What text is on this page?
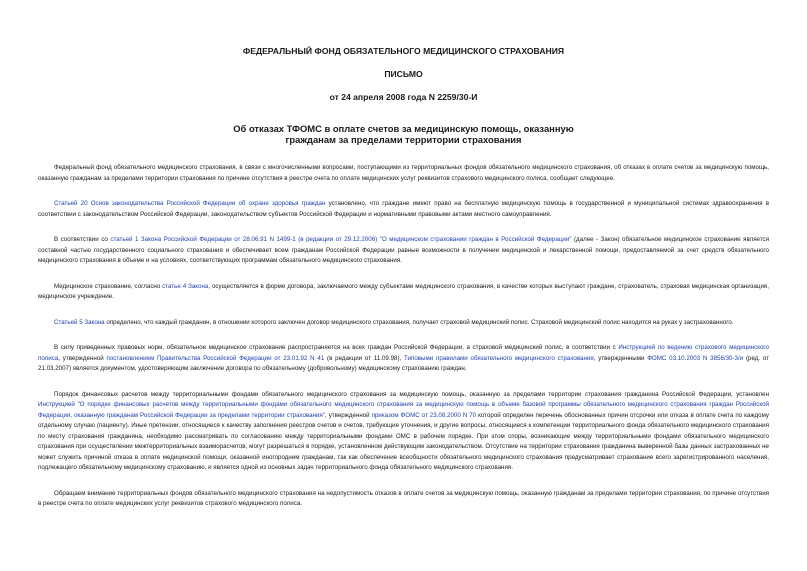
ФЕДЕРАЛЬНЫЙ ФОНД ОБЯЗАТЕЛЬНОГО МЕДИЦИНСКОГО СТРАХОВАНИЯ
ПИСЬМО
от 24 апреля 2008 года N 2259/30-И
Об отказах ТФОМС в оплате счетов за медицинскую помощь, оказанную
гражданам за пределами территории страхования

Федеральный фонд обязательного медицинского страхования, в связи с многочисленными вопросами, поступающими из территориальных фондов обязательного медицинского страхования, об отказах в оплате счетов за медицинскую помощь, оказанную гражданам за пределами территории страхования по причине отсутствия в реестре счета по оплате медицинских услуг реквизитов страхового медицинского полиса, сообщает следующее.

Статьей 20 Основ законодательства Российской Федерации об охране здоровья граждан установлено, что граждане имеют право на бесплатную медицинскую помощь в государственной и муниципальной системах здравоохранения в соответствии с законодательством Российской Федерации, законодательством субъектов Российской Федерации и нормативными правовыми актами местного самоуправления.

В соответствии со статьей 1 Закона Российской Федерации от 28.06.91 N 1499-1 (в редакции от 29.12.2006) "О медицинском страховании граждан в Российской Федерации" (далее - Закон) обязательное медицинское страхование является составной частью государственного социального страхования и обеспечивает всем гражданам Российской Федерации равные возможности в получении медицинской и лекарственной помощи, предоставляемой за счет средств обязательного медицинского страхования в объеме и на условиях, соответствующих программам обязательного медицинского страхования.

Медицинское страхование, согласно статье 4 Закона, осуществляется в форме договора, заключаемого между субъектами медицинского страхования, в качестве которых выступают граждане, страхователь, страховая медицинская организация, медицинское учреждение.

Статьей 5 Закона определено, что каждый гражданин, в отношении которого заключен договор медицинского страхования, получает страховой медицинский полис. Страховой медицинский полис находится на руках у застрахованного.

В силу приведенных правовых норм, обязательное медицинское страхование распространяется на всех граждан Российской Федерации, а страховой медицинский полис, в соответствии с Инструкцией по ведению страхового медицинского полиса, утвержденной постановлением Правительства Российской Федерации от 23.01.92 N 41 (в редакции от 11.09.98), Типовыми правилами обязательного медицинского страхования, утвержденными ФОМС 03.10.2003 N 3856/30-3/и (ред. от 21.03.2007) является документом, удостоверяющим заключение договора по обязательному (добровольному) медицинскому страхованию граждан.

Порядок финансовых расчетов между территориальными фондами обязательного медицинского страхования за медицинскую помощь, оказанную за пределами территории страхования гражданина Российской Федерации, установлен Инструкцией "О порядке финансовых расчетов между территориальными фондами обязательного медицинского страхования за медицинскую помощь в объеме базовой программы обязательного медицинского страхования граждан Российской Федерации, оказанную гражданам Российской Федерации за пределами территории страхования", утвержденной приказом ФОМС от 23.08.2000 N 70 которой определен перечень обоснованных причин отсрочки или отказа в оплате счета по каждому отдельному случаю (пациенту). Иные претензии, относящиеся к качеству заполнения реестров счетов и счетов, требующие уточнения, и другие вопросы, относящиеся к компетенции территориального фонда обязательного медицинского страхования по месту страхования гражданина, необходимо рассматривать по согласованию между территориальными фондами ОМС в рабочем порядке. При этом споры, возникающие между территориальными фондами обязательного медицинского страхования при осуществлении межтерриториальных взаиморасчетов, могут разрешаться в порядке, установленном действующим законодательством. Отсутствие на территории страхования гражданина выверенной базы данных застрахованных не может служить причиной отказа в оплате медицинской помощи, оказанной иногородним гражданам, так как обеспечение всеобщности обязательного медицинского страхования предусматривает страхование всего зарегистрированного населения, подлежащего обязательному медицинскому страхованию, и является одной из основных задач территориального фонда обязательного медицинского страхования.

Обращаем внимание территориальных фондов обязательного медицинского страхования на недопустимость отказов в оплате счетов за медицинскую помощь, оказанную гражданам за пределами территории страхования, по причине отсутствия в реестре счета по оплате медицинских услуг реквизитов страхового медицинского полиса.
